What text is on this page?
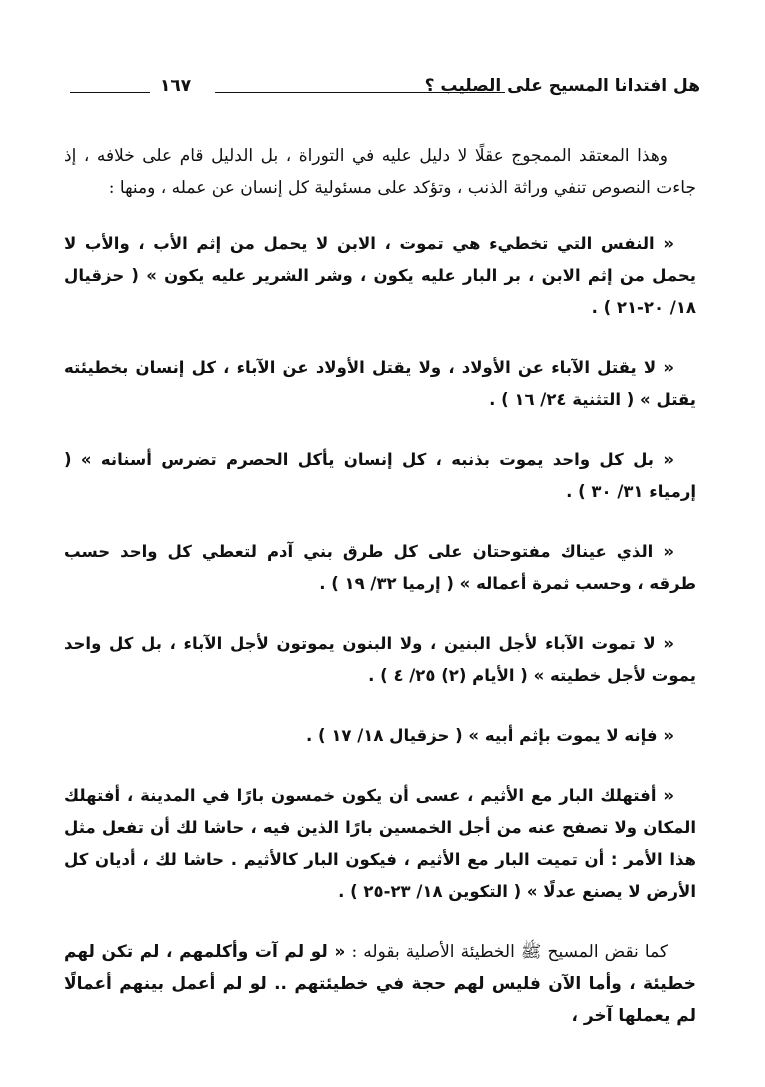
هل افتدانا المسيح على الصليب ؟
١٦٧

وهذا المعتقد الممجوج عقلًا لا دليل عليه في التوراة ، بل الدليل قام على خلافه ، إذ جاءت النصوص تنفي وراثة الذنب ، وتؤكد على مسئولية كل إنسان عن عمله ، ومنها :

« النفس التي تخطيء هي تموت ، الابن لا يحمل من إثم الأب ، والأب لا يحمل من إثم الابن ، بر البار عليه يكون ، وشر الشرير عليه يكون » ( حزقيال ١٨/ ٢٠-٢١ ) .

« لا يقتل الآباء عن الأولاد ، ولا يقتل الأولاد عن الآباء ، كل إنسان بخطيئته يقتل » ( التثنية ٢٤/ ١٦ ) .

« بل كل واحد يموت بذنبه ، كل إنسان يأكل الحصرم تضرس أسنانه » ( إرمياء ٣١/ ٣٠ ) .

« الذي عيناك مفتوحتان على كل طرق بني آدم لتعطي كل واحد حسب طرقه ، وحسب ثمرة أعماله » ( إرميا ٣٢/ ١٩ ) .

« لا تموت الآباء لأجل البنين ، ولا البنون يموتون لأجل الآباء ، بل كل واحد يموت لأجل خطيته » ( الأيام (٢) ٢٥/ ٤ ) .

« فإنه لا يموت بإثم أبيه » ( حزقيال ١٨/ ١٧ ) .

« أفتهلك البار مع الأثيم ، عسى أن يكون خمسون بارًا في المدينة ، أفتهلك المكان ولا تصفح عنه من أجل الخمسين بارًا الذين فيه ، حاشا لك أن تفعل مثل هذا الأمر : أن تميت البار مع الأثيم ، فيكون البار كالأثيم . حاشا لك ، أديان كل الأرض لا يصنع عدلًا » ( التكوين ١٨/ ٢٣-٢٥ ) .

كما نقض المسيح ﷺ الخطيئة الأصلية بقوله : « لو لم آت وأكلمهم ، لم تكن لهم خطيئة ، وأما الآن فليس لهم حجة في خطيئتهم .. لو لم أعمل بينهم أعمالًا لم يعملها آخر ،
